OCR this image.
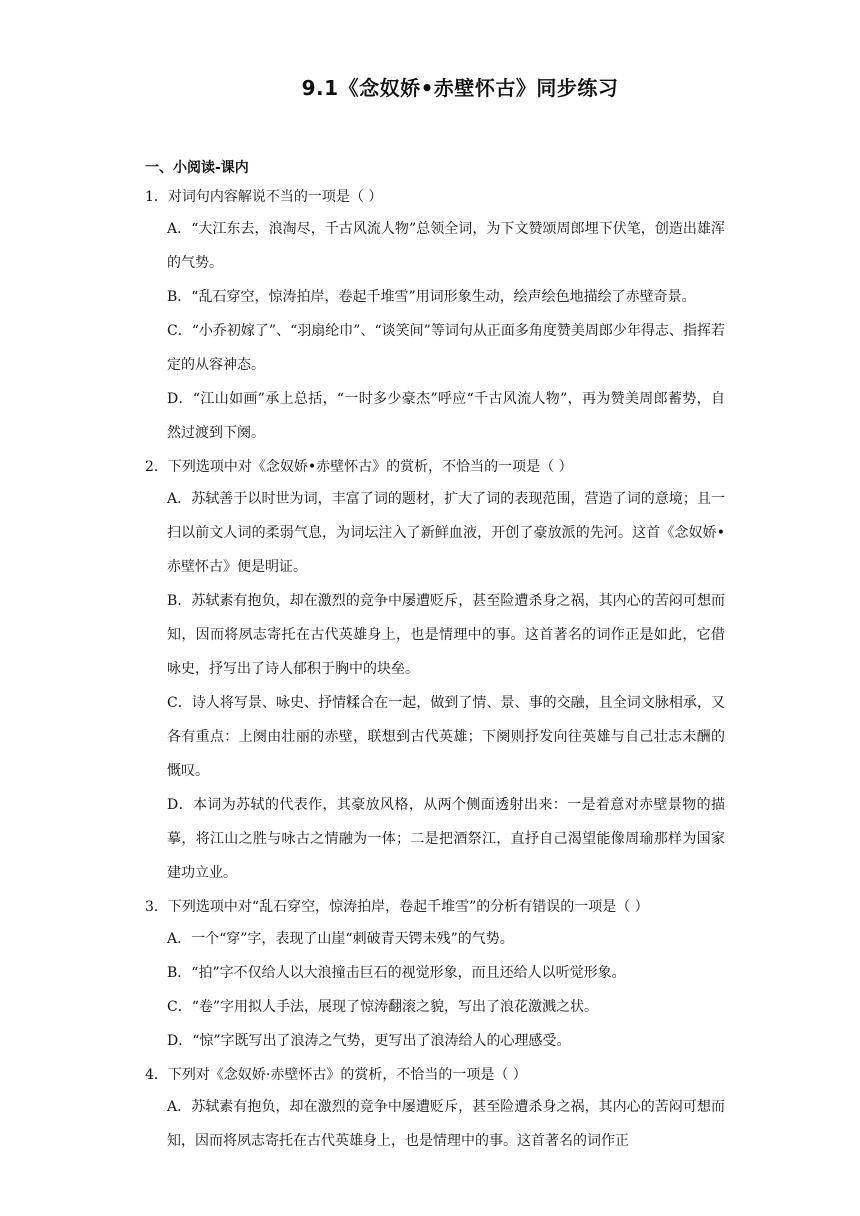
9.1《念奴娇•赤壁怀古》同步练习
一、小阅读-课内

1．对词句内容解说不当的一项是（ ）

A．“大江东去，浪淘尽，千古风流人物”总领全词，为下文赞颂周郎埋下伏笔，创造出雄浑的气势。

B．“乱石穿空，惊涛拍岸，卷起千堆雪”用词形象生动，绘声绘色地描绘了赤壁奇景。

C．“小乔初嫁了”、“羽扇纶巾”、“谈笑间”等词句从正面多角度赞美周郎少年得志、指挥若定的从容神态。

D．“江山如画”承上总括，“一时多少豪杰”呼应“千古风流人物”，再为赞美周郎蓄势，自然过渡到下阕。

2．下列选项中对《念奴娇•赤壁怀古》的赏析，不恰当的一项是（ ）

A．苏轼善于以时世为词，丰富了词的题材，扩大了词的表现范围，营造了词的意境；且一扫以前文人词的柔弱气息，为词坛注入了新鲜血液，开创了豪放派的先河。这首《念奴娇•赤壁怀古》便是明证。

B．苏轼素有抱负，却在激烈的竞争中屡遭贬斥，甚至险遭杀身之祸，其内心的苦闷可想而知，因而将夙志寄托在古代英雄身上，也是情理中的事。这首著名的词作正是如此，它借咏史，抒写出了诗人郁积于胸中的块垒。

C．诗人将写景、咏史、抒情糅合在一起，做到了情、景、事的交融，且全词文脉相承，又各有重点：上阕由壮丽的赤壁，联想到古代英雄；下阕则抒发向往英雄与自己壮志未酬的慨叹。

D．本词为苏轼的代表作，其豪放风格，从两个侧面透射出来：一是着意对赤壁景物的描摹，将江山之胜与咏古之情融为一体；二是把酒祭江，直抒自己渴望能像周瑜那样为国家建功立业。

3．下列选项中对“乱石穿空，惊涛拍岸，卷起千堆雪”的分析有错误的一项是（ ）

A．一个“穿”字，表现了山崖“刺破青天锷未残”的气势。

B．“拍”字不仅给人以大浪撞击巨石的视觉形象，而且还给人以听觉形象。

C．“卷”字用拟人手法，展现了惊涛翻滚之貌，写出了浪花激溅之状。

D．“惊”字既写出了浪涛之气势，更写出了浪涛给人的心理感受。

4．下列对《念奴娇·赤壁怀古》的赏析，不恰当的一项是（ ）

A．苏轼素有抱负，却在激烈的竞争中屡遭贬斥，甚至险遭杀身之祸，其内心的苦闷可想而知，因而将夙志寄托在古代英雄身上，也是情理中的事。这首著名的词作正
